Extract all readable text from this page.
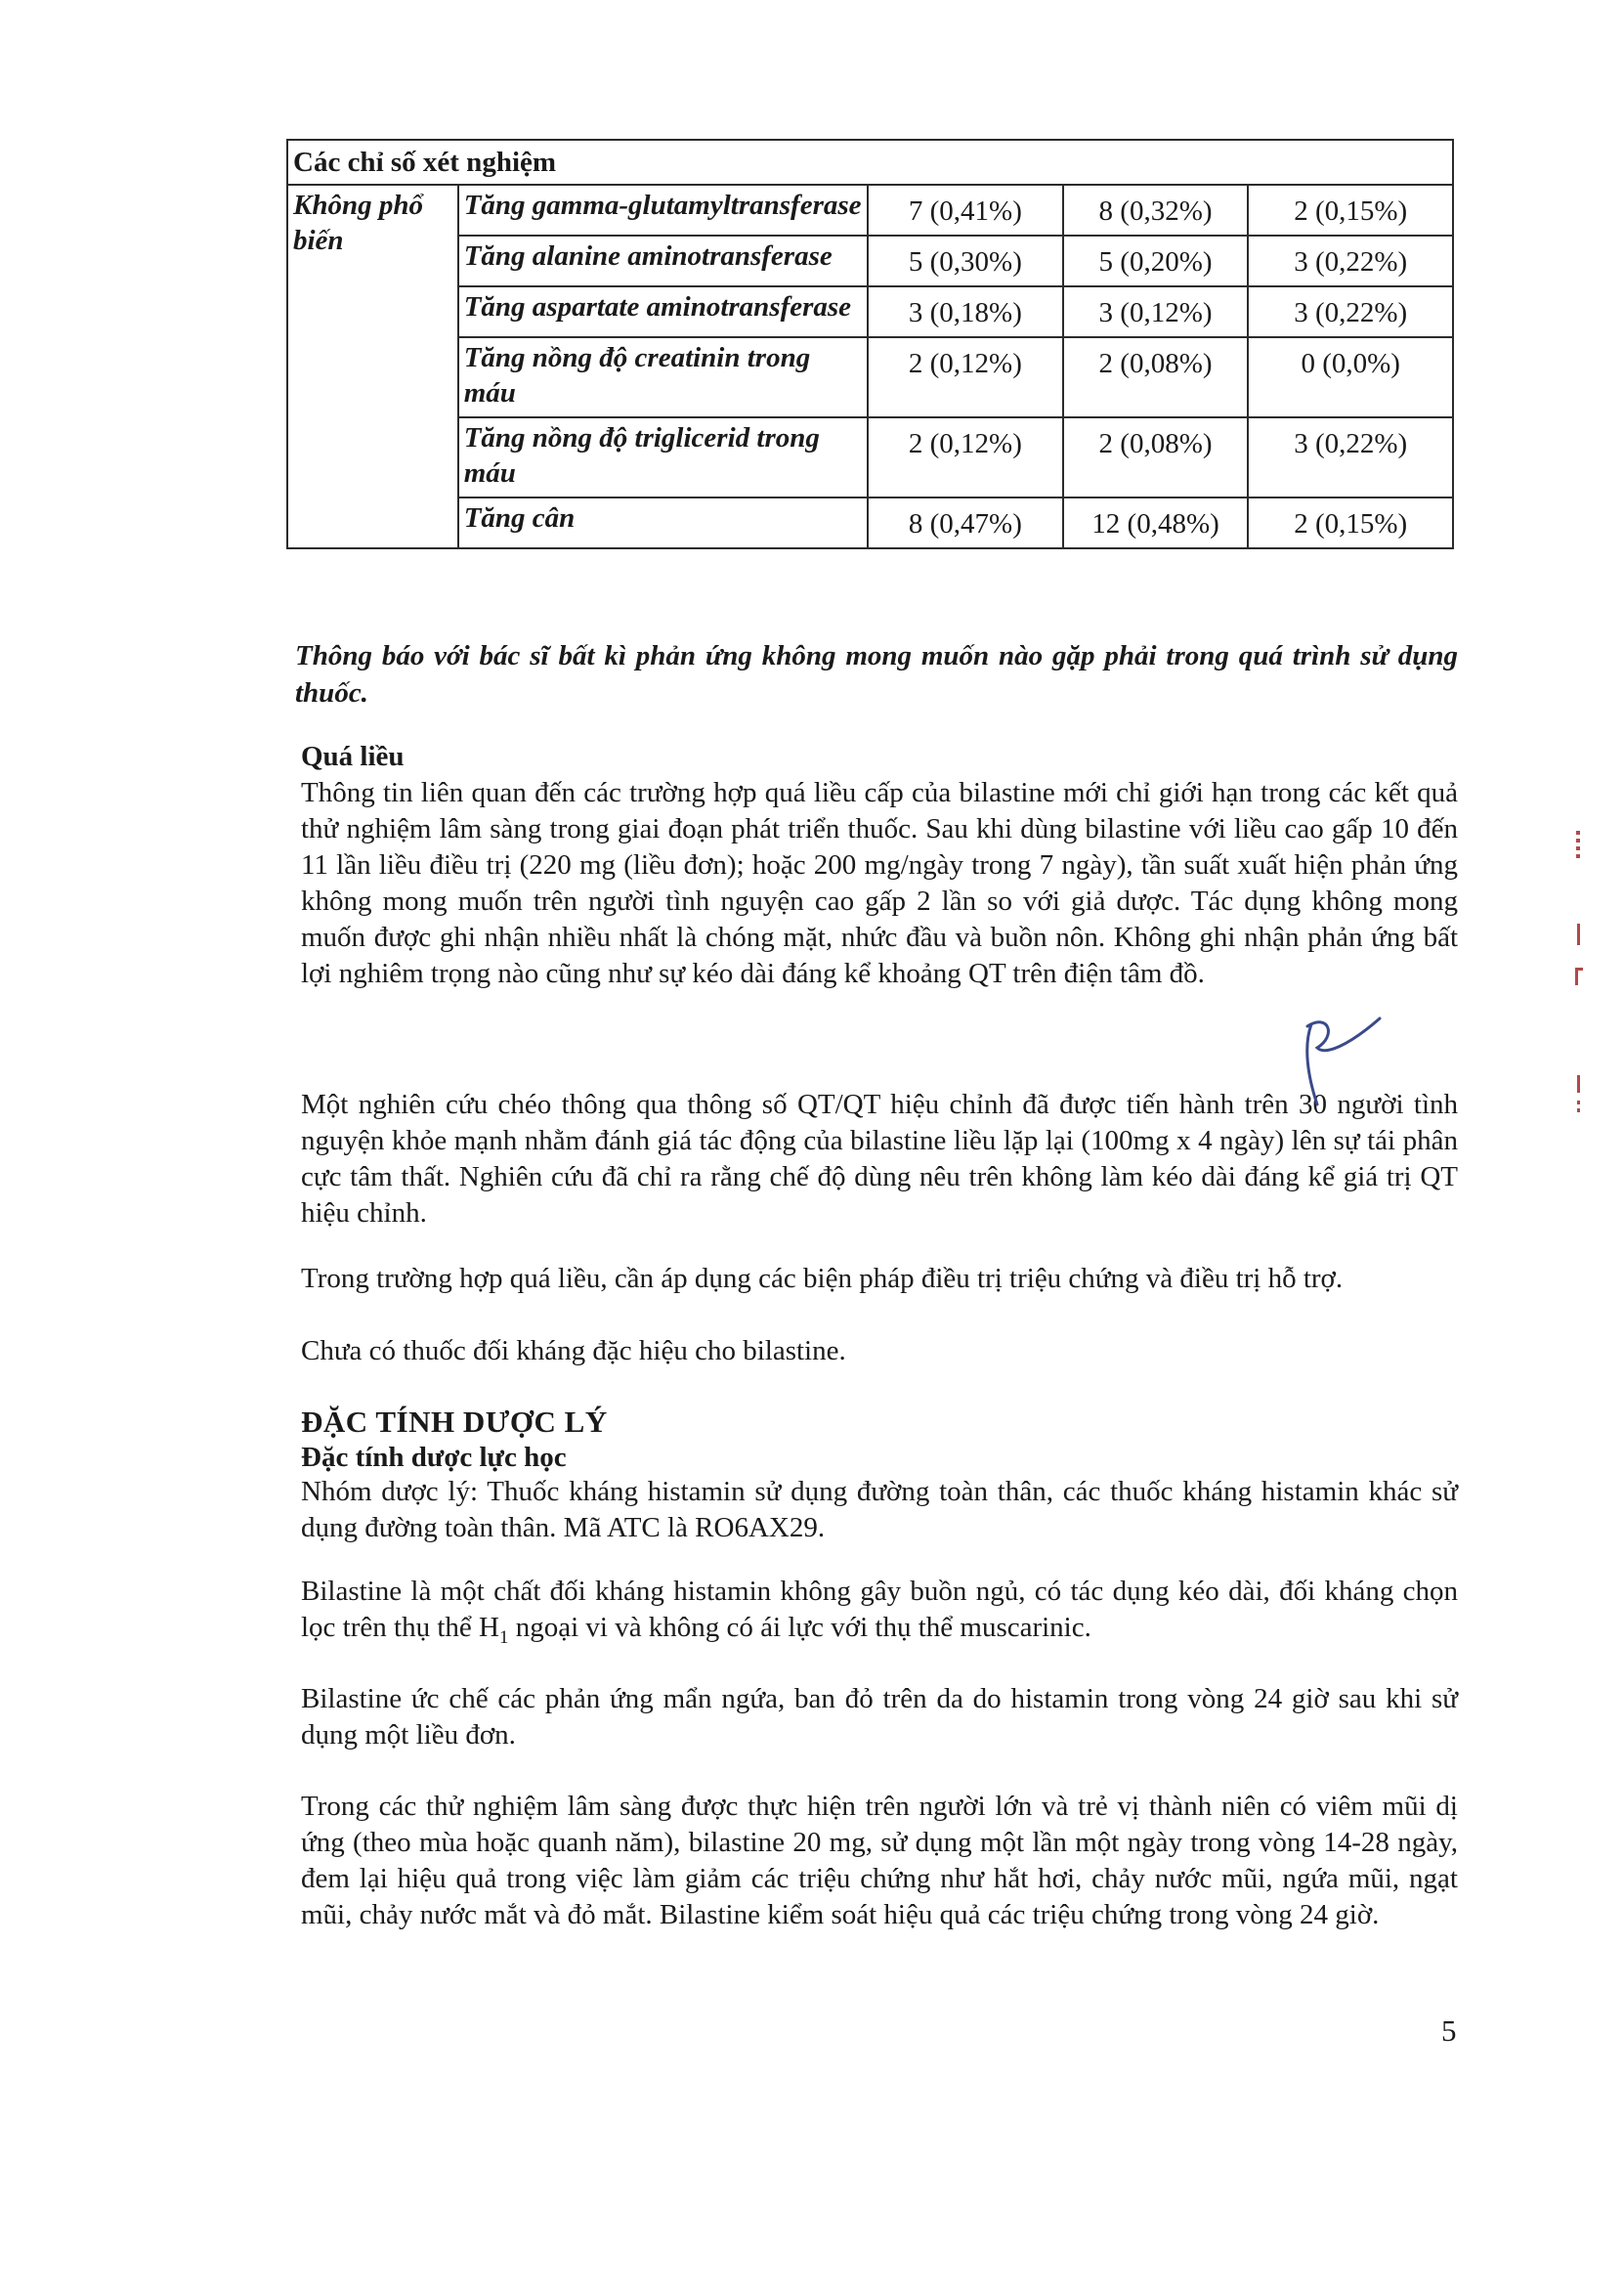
Các chỉ số xét nghiệm				
Không phổ biến	Tăng gamma-glutamyltransferase	7 (0,41%)	8 (0,32%)	2 (0,15%)
	Tăng alanine aminotransferase	5 (0,30%)	5 (0,20%)	3 (0,22%)
	Tăng aspartate aminotransferase	3 (0,18%)	3 (0,12%)	3 (0,22%)
	Tăng nồng độ creatinin trong máu	2 (0,12%)	2 (0,08%)	0 (0,0%)
	Tăng nồng độ triglicerid trong máu	2 (0,12%)	2 (0,08%)	3 (0,22%)
	Tăng cân	8 (0,47%)	12 (0,48%)	2 (0,15%)
Thông báo với bác sĩ bất kì phản ứng không mong muốn nào gặp phải trong quá trình sử dụng thuốc.
Quá liều
Thông tin liên quan đến các trường hợp quá liều cấp của bilastine mới chỉ giới hạn trong các kết quả thử nghiệm lâm sàng trong giai đoạn phát triển thuốc. Sau khi dùng bilastine với liều cao gấp 10 đến 11 lần liều điều trị (220 mg (liều đơn); hoặc 200 mg/ngày trong 7 ngày), tần suất xuất hiện phản ứng không mong muốn trên người tình nguyện cao gấp 2 lần so với giả dược. Tác dụng không mong muốn được ghi nhận nhiều nhất là chóng mặt, nhức đầu và buồn nôn. Không ghi nhận phản ứng bất lợi nghiêm trọng nào cũng như sự kéo dài đáng kể khoảng QT trên điện tâm đồ.
Một nghiên cứu chéo thông qua thông số QT/QT hiệu chỉnh đã được tiến hành trên 30 người tình nguyện khỏe mạnh nhằm đánh giá tác động của bilastine liều lặp lại (100mg x 4 ngày) lên sự tái phân cực tâm thất. Nghiên cứu đã chỉ ra rằng chế độ dùng nêu trên không làm kéo dài đáng kể giá trị QT hiệu chỉnh.
Trong trường hợp quá liều, cần áp dụng các biện pháp điều trị triệu chứng và điều trị hỗ trợ.
Chưa có thuốc đối kháng đặc hiệu cho bilastine.
ĐẶC TÍNH DƯỢC LÝ
Đặc tính dược lực học
Nhóm dược lý: Thuốc kháng histamin sử dụng đường toàn thân, các thuốc kháng histamin khác sử dụng đường toàn thân. Mã ATC là RO6AX29.
Bilastine là một chất đối kháng histamin không gây buồn ngủ, có tác dụng kéo dài, đối kháng chọn lọc trên thụ thể $H_1$ ngoại vi và không có ái lực với thụ thể muscarinic.
Bilastine ức chế các phản ứng mẩn ngứa, ban đỏ trên da do histamin trong vòng 24 giờ sau khi sử dụng một liều đơn.
Trong các thử nghiệm lâm sàng được thực hiện trên người lớn và trẻ vị thành niên có viêm mũi dị ứng (theo mùa hoặc quanh năm), bilastine 20 mg, sử dụng một lần một ngày trong vòng 14-28 ngày, đem lại hiệu quả trong việc làm giảm các triệu chứng như hắt hơi, chảy nước mũi, ngứa mũi, ngạt mũi, chảy nước mắt và đỏ mắt. Bilastine kiểm soát hiệu quả các triệu chứng trong vòng 24 giờ.
5
